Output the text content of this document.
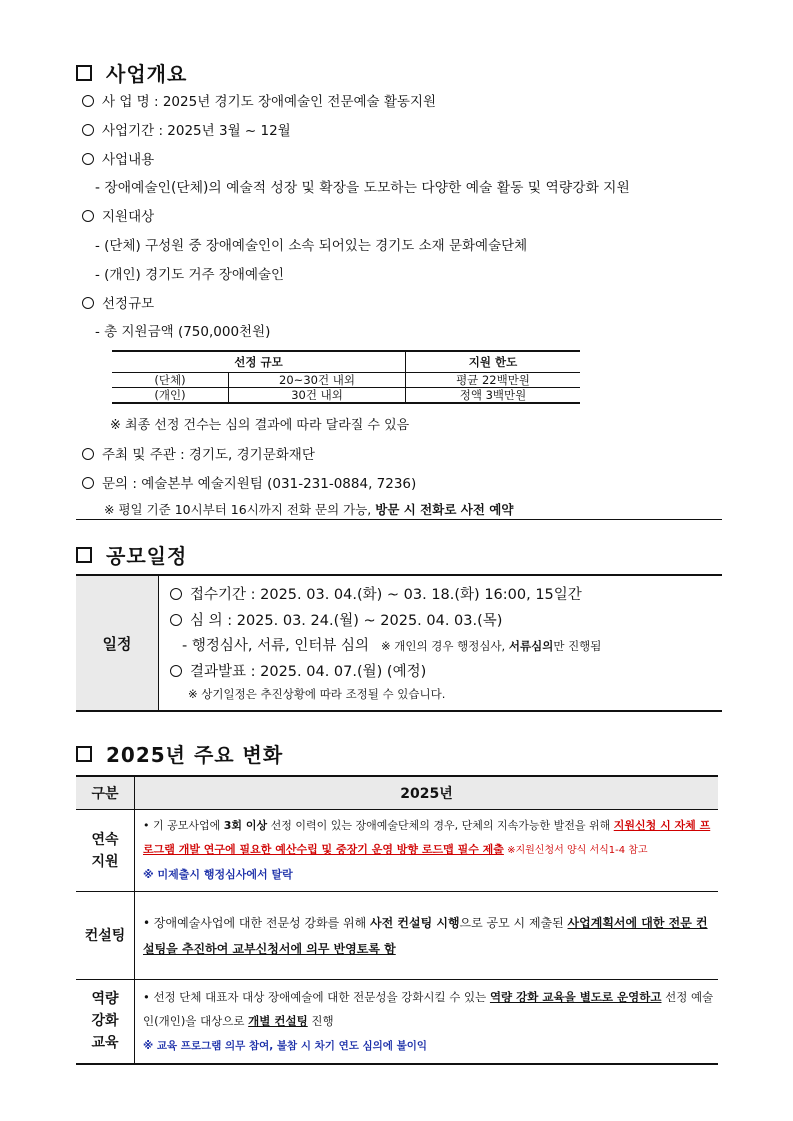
사업개요
사 업 명 : 2025년 경기도 장애예술인 전문예술 활동지원
사업기간 : 2025년 3월 ~ 12월
사업내용
- 장애예술인(단체)의 예술적 성장 및 확장을 도모하는 다양한 예술 활동 및 역량강화 지원
지원대상
- (단체) 구성원 중 장애예술인이 소속 되어있는 경기도 소재 문화예술단체
- (개인) 경기도 거주 장애예술인
선정규모
- 총 지원금액 (750,000천원)
선정 규모		지원 한도
(단체)	20~30건 내외	평균 22백만원
(개인)	30건 내외	정액 3백만원
※ 최종 선정 건수는 심의 결과에 따라 달라질 수 있음
주최 및 주관 : 경기도, 경기문화재단
문의 : 예술본부 예술지원팀 (031-231-0884, 7236)
※ 평일 기준 10시부터 16시까지 전화 문의 가능, 방문 시 전화로 사전 예약
공모일정
일정
접수기간 : 2025. 03. 04.(화) ~ 03. 18.(화) 16:00, 15일간
심 의 : 2025. 03. 24.(월) ~ 2025. 04. 03.(목)
- 행정심사, 서류, 인터뷰 심의 ※ 개인의 경우 행정심사, 서류심의만 진행됨
결과발표 : 2025. 04. 07.(월) (예정)
※ 상기일정은 추진상황에 따라 조정될 수 있습니다.
2025년 주요 변화
구분	2025년
연속
지원	• 기 공모사업에 3회 이상 선정 이력이 있는 장애예술단체의 경우, 단체의 지속가능한 발전을 위해 지원신청 시 자체 프로그램 개발 연구에 필요한 예산수립 및 중장기 운영 방향 로드맵 필수 제출 ※지원신청서 양식 서식1-4 참고
※ 미제출시 행정심사에서 탈락
컨설팅	• 장애예술사업에 대한 전문성 강화를 위해 사전 컨설팅 시행으로 공모 시 제출된 사업계획서에 대한 전문 컨설팅을 추진하여 교부신청서에 의무 반영토록 함
역량
강화
교육	• 선정 단체 대표자 대상 장애예술에 대한 전문성을 강화시킬 수 있는 역량 강화 교육을 별도로 운영하고 선정 예술인(개인)을 대상으로 개별 컨설팅 진행
※ 교육 프로그램 의무 참여, 불참 시 차기 연도 심의에 불이익
